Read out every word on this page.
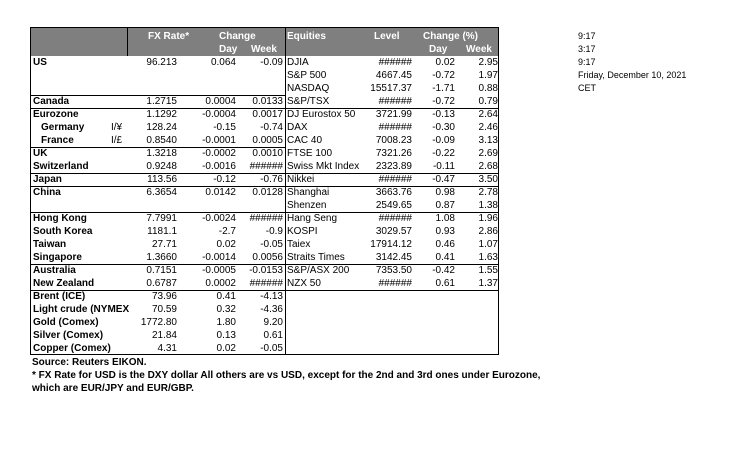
FX Rate*	Change
Day Week
Equities	Level Change (%)
Day Week
US	96.213	0.064	-0.09
Canada	1.2715	0.0004	0.0133
Eurozone	1.1292	-0.0004	0.0017
Germany	I/¥	128.24	-0.15	-0.74
France	I/£	0.8540	-0.0001	0.0005
UK	1.3218	-0.0002	0.0010
Switzerland	0.9248	-0.0016	######
Japan	113.56	-0.12	-0.76
China	6.3654	0.0142	0.0128
Hong Kong	7.7991	-0.0024	######
South Korea	1181.1	-2.7	-0.9
Taiwan	27.71	0.02	-0.05
Singapore	1.3660	-0.0014	0.0056
Australia	0.7151	-0.0005	-0.0153
New Zealand	0.6787	0.0002	######
Brent (ICE)	73.96	0.41	-4.13
Light crude (NYMEX	70.59	0.32	-4.36
Gold (Comex)	1772.80	1.80	9.20
Silver (Comex)	21.84	0.13	0.61
Copper (Comex)	4.31	0.02	-0.05
DJIA	######	0.02	2.95
S&P 500	4667.45	-0.72	1.97
NASDAQ	15517.37	-1.71	0.88
S&P/TSX	######	-0.72	0.79
DJ Eurostox 50	3721.99	-0.13	2.64
DAX	######	-0.30	2.46
CAC 40	7008.23	-0.09	3.13
FTSE 100	7321.26	-0.22	2.69
Swiss Mkt Index	2323.89	-0.11	2.68
Nikkei	######	-0.47	3.50
Shanghai	3663.76	0.98	2.78
Shenzen	2549.65	0.87	1.38
Hang Seng	######	1.08	1.96
KOSPI	3029.57	0.93	2.86
Taiex	17914.12	0.46	1.07
Straits Times	3142.45	0.41	1.63
S&P/ASX 200	7353.50	-0.42	1.55
NZX 50	######	0.61	1.37
9:17
3:17
9:17
Friday, December 10, 2021
CET
Source: Reuters EIKON.
* FX Rate for USD is the DXY dollar All others are vs USD, except for the 2nd and 3rd ones under Eurozone,
which are EUR/JPY and EUR/GBP.
